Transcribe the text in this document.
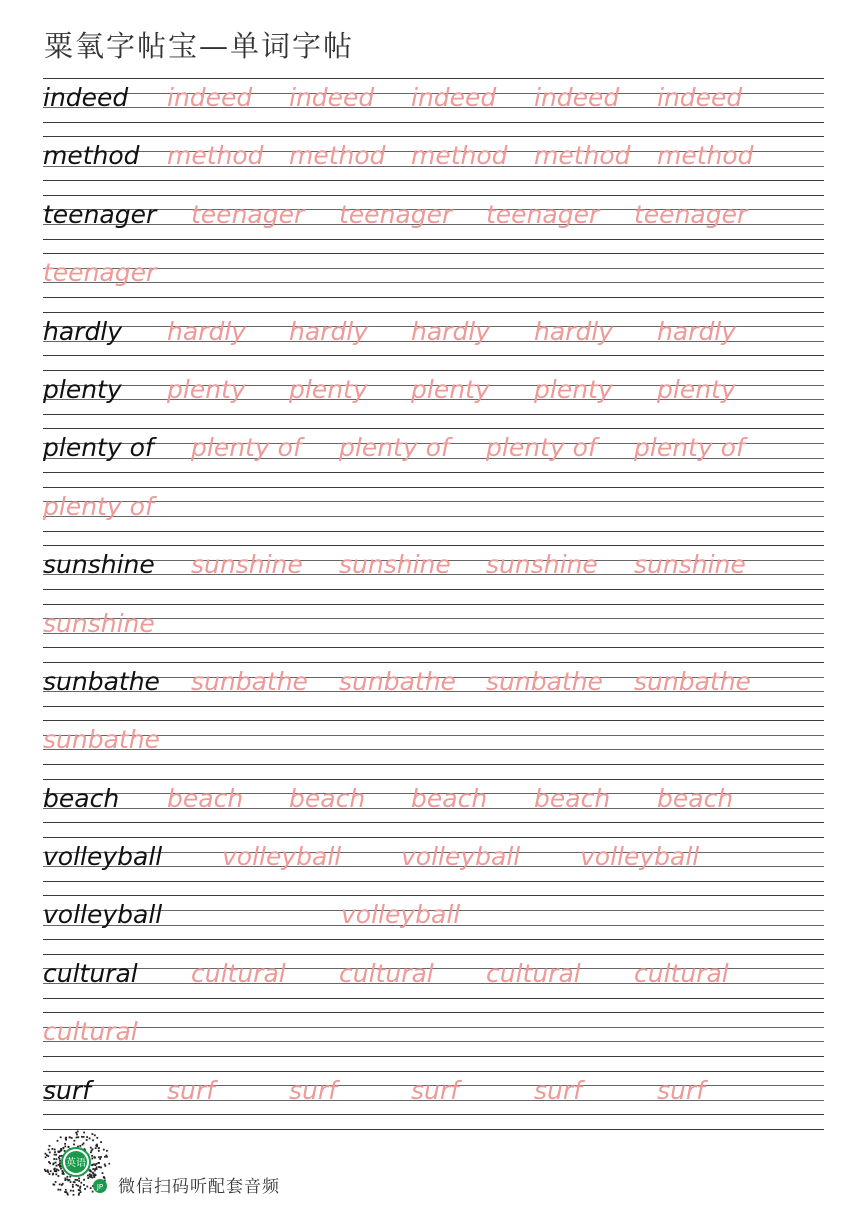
粟氧字帖宝—单词字帖
indeed indeed indeed indeed indeed indeed
method method method method method method
teenager teenager teenager teenager teenager
teenager
hardly hardly hardly hardly hardly hardly
plenty plenty plenty plenty plenty plenty
plenty of plenty of plenty of plenty of plenty of
plenty of
sunshine sunshine sunshine sunshine sunshine
sunshine
sunbathe sunbathe sunbathe sunbathe sunbathe
sunbathe
beach beach beach beach beach beach
volleyball volleyball volleyball volleyball
volleyball	volleyball
cultural cultural cultural cultural cultural
cultural
surf	surf	surf	surf	surf	surf
英语
JP 微信扫码听配套音频
